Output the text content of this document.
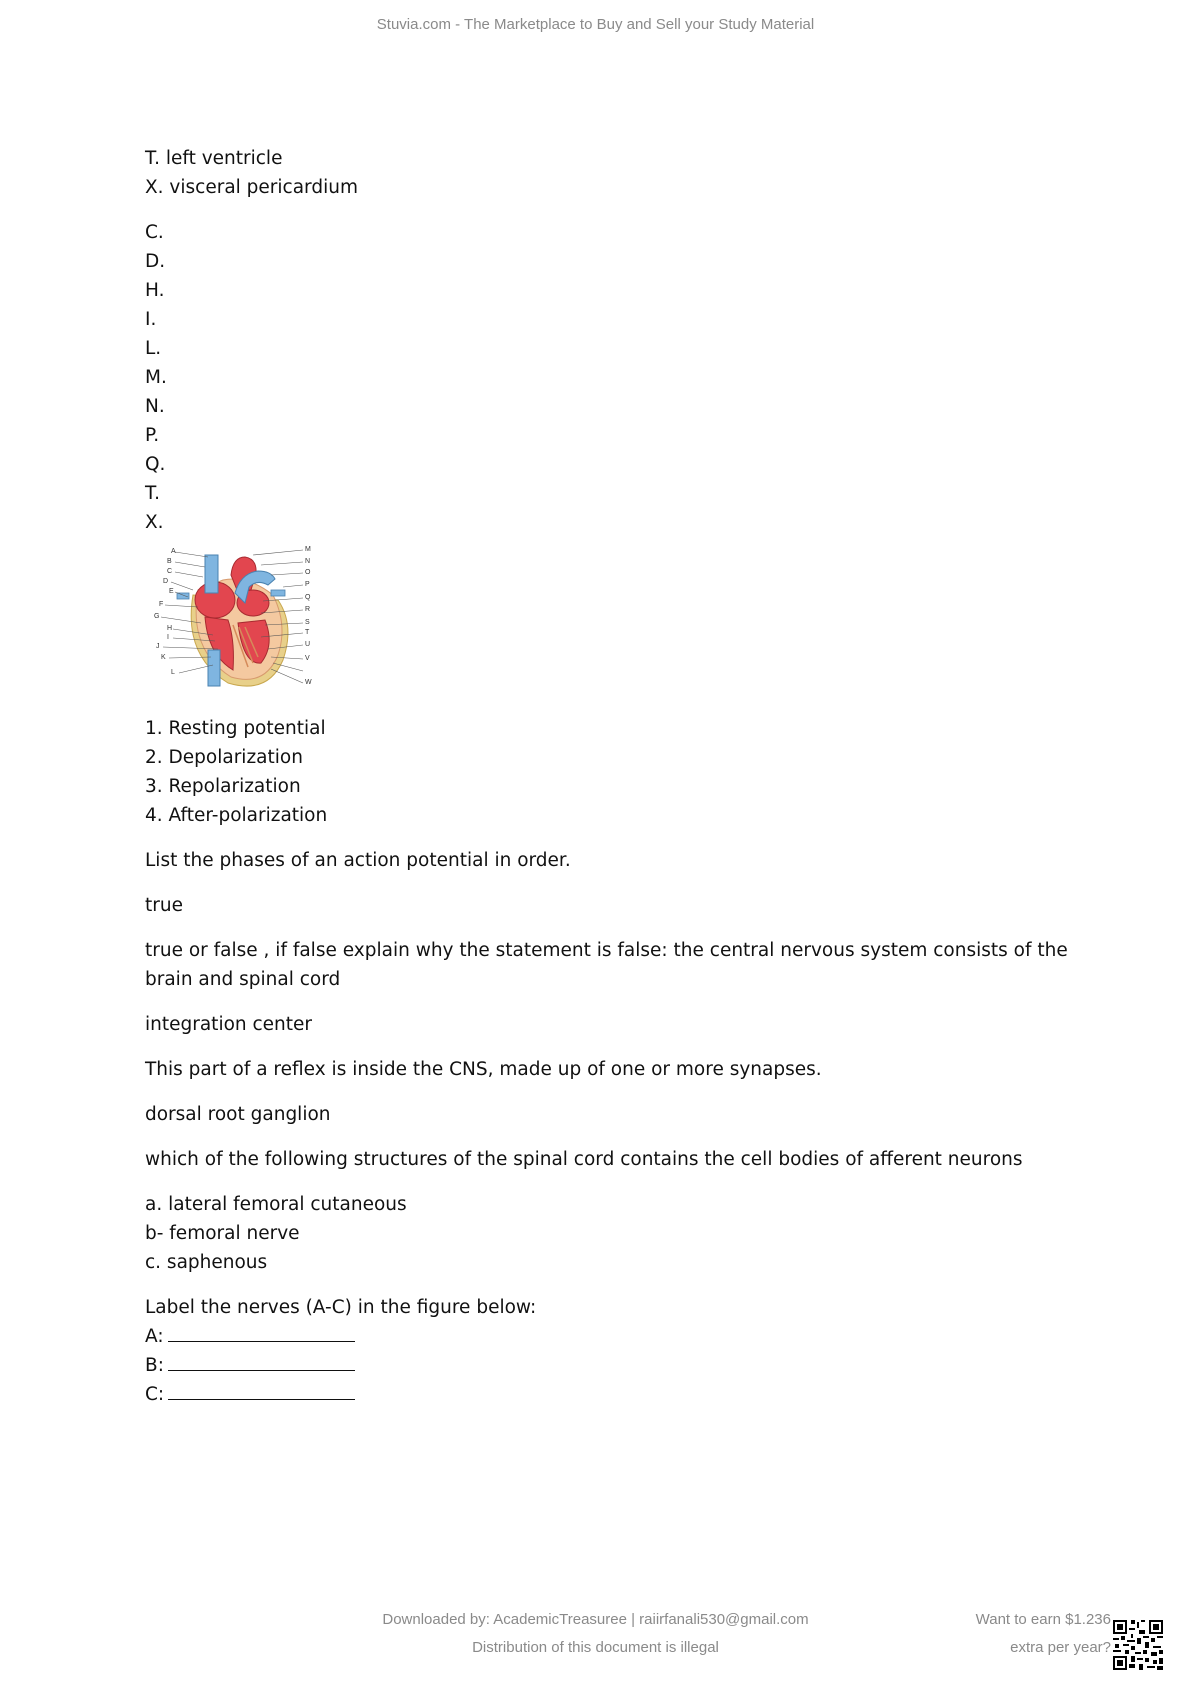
Stuvia.com - The Marketplace to Buy and Sell your Study Material
T. left ventricle
X. visceral pericardium
C.
D.
H.
I.
L.
M.
N.
P.
Q.
T.
X.
A
B
C
D
E
F
G
H
I
J
K
L
M
N
O
P
Q
R
S
T
U
V
W
1. Resting potential
2. Depolarization
3. Repolarization
4. After-polarization
List the phases of an action potential in order.
true
true or false , if false explain why the statement is false: the central nervous system consists of the brain and spinal cord
integration center
This part of a reflex is inside the CNS, made up of one or more synapses.
dorsal root ganglion
which of the following structures of the spinal cord contains the cell bodies of afferent neurons
a. lateral femoral cutaneous
b- femoral nerve
c. saphenous
Label the nerves (A-C) in the figure below:
A:
B:
C:
Downloaded by: AcademicTreasuree | raiirfanali530@gmail.com
Distribution of this document is illegal
Want to earn $1.236
extra per year?
